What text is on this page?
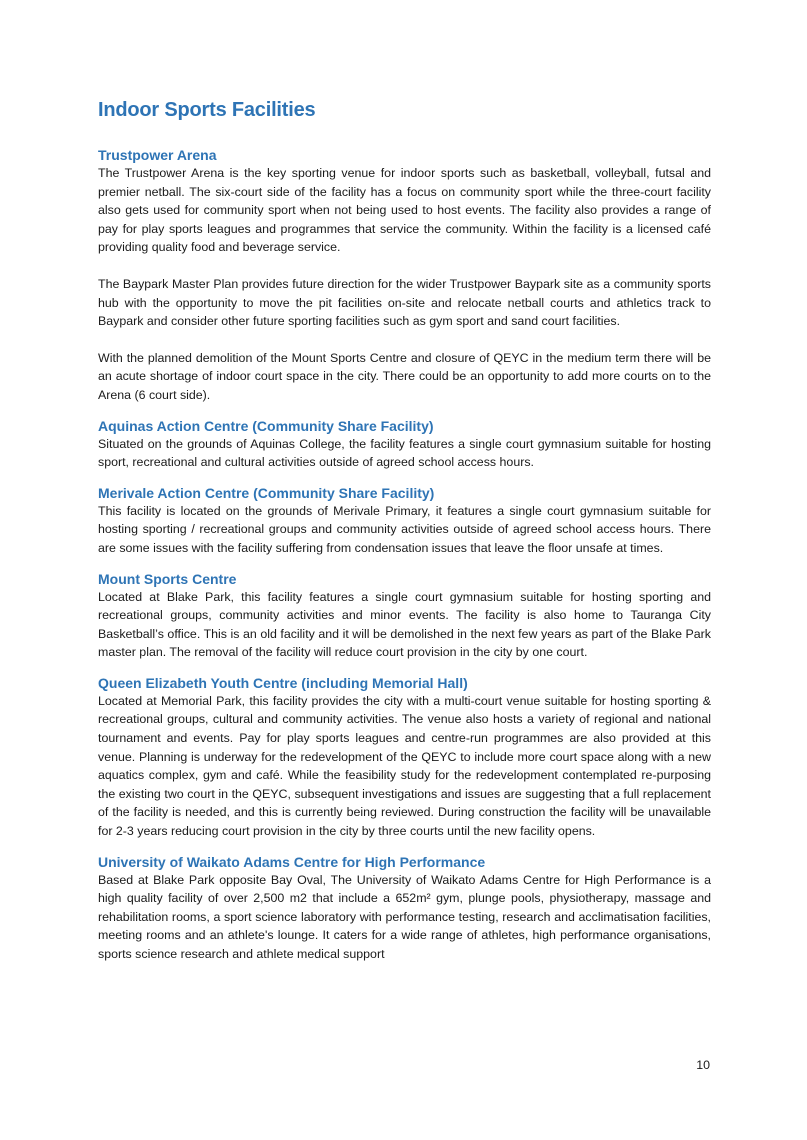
Indoor Sports Facilities
Trustpower Arena

The Trustpower Arena is the key sporting venue for indoor sports such as basketball, volleyball, futsal and premier netball. The six-court side of the facility has a focus on community sport while the three-court facility also gets used for community sport when not being used to host events. The facility also provides a range of pay for play sports leagues and programmes that service the community. Within the facility is a licensed café providing quality food and beverage service.

The Baypark Master Plan provides future direction for the wider Trustpower Baypark site as a community sports hub with the opportunity to move the pit facilities on-site and relocate netball courts and athletics track to Baypark and consider other future sporting facilities such as gym sport and sand court facilities.

With the planned demolition of the Mount Sports Centre and closure of QEYC in the medium term there will be an acute shortage of indoor court space in the city. There could be an opportunity to add more courts on to the Arena (6 court side).

Aquinas Action Centre (Community Share Facility)

Situated on the grounds of Aquinas College, the facility features a single court gymnasium suitable for hosting sport, recreational and cultural activities outside of agreed school access hours.

Merivale Action Centre (Community Share Facility)

This facility is located on the grounds of Merivale Primary, it features a single court gymnasium suitable for hosting sporting / recreational groups and community activities outside of agreed school access hours. There are some issues with the facility suffering from condensation issues that leave the floor unsafe at times.

Mount Sports Centre

Located at Blake Park, this facility features a single court gymnasium suitable for hosting sporting and recreational groups, community activities and minor events. The facility is also home to Tauranga City Basketball’s office. This is an old facility and it will be demolished in the next few years as part of the Blake Park master plan. The removal of the facility will reduce court provision in the city by one court.

Queen Elizabeth Youth Centre (including Memorial Hall)

Located at Memorial Park, this facility provides the city with a multi-court venue suitable for hosting sporting & recreational groups, cultural and community activities. The venue also hosts a variety of regional and national tournament and events. Pay for play sports leagues and centre-run programmes are also provided at this venue. Planning is underway for the redevelopment of the QEYC to include more court space along with a new aquatics complex, gym and café. While the feasibility study for the redevelopment contemplated re-purposing the existing two court in the QEYC, subsequent investigations and issues are suggesting that a full replacement of the facility is needed, and this is currently being reviewed. During construction the facility will be unavailable for 2-3 years reducing court provision in the city by three courts until the new facility opens.

University of Waikato Adams Centre for High Performance

Based at Blake Park opposite Bay Oval, The University of Waikato Adams Centre for High Performance is a high quality facility of over 2,500 m2 that include a 652m² gym, plunge pools, physiotherapy, massage and rehabilitation rooms, a sport science laboratory with performance testing, research and acclimatisation facilities, meeting rooms and an athlete's lounge. It caters for a wide range of athletes, high performance organisations, sports science research and athlete medical support

10
